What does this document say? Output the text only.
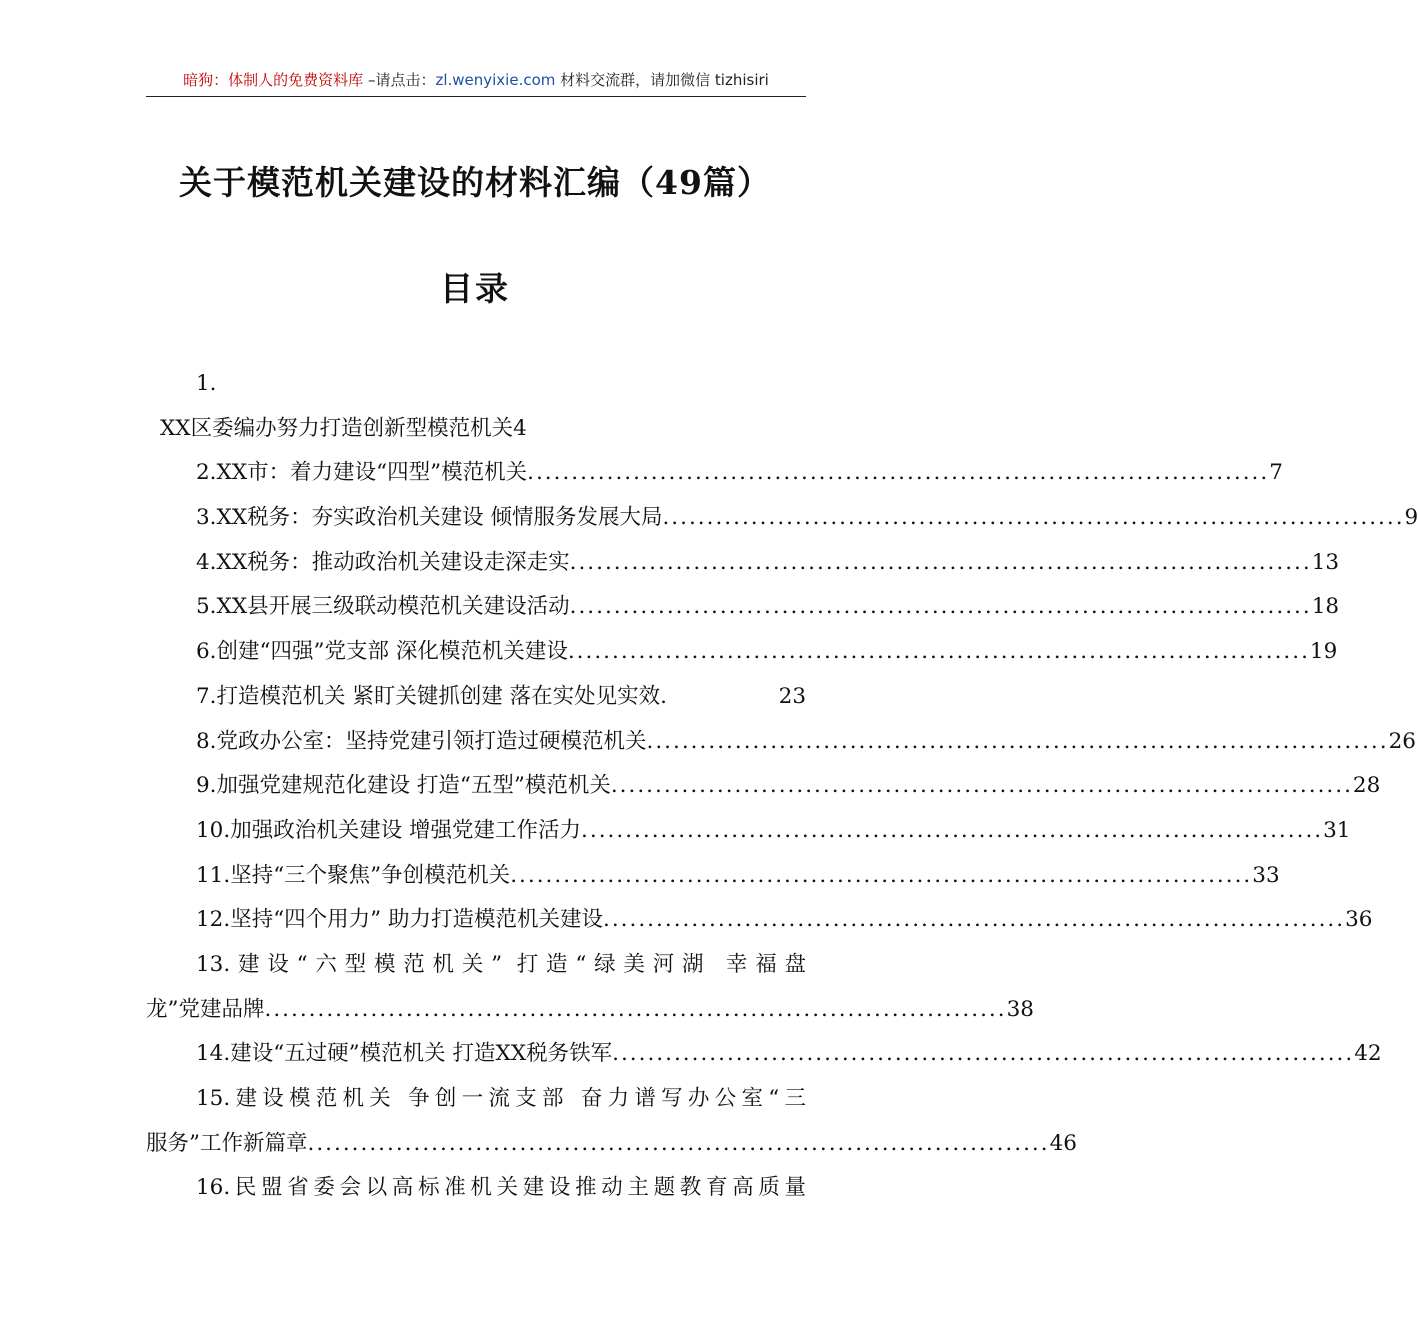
暗狗：体制人的免费资料库 –请点击：zl.wenyixie.com 材料交流群，请加微信 tizhisiri
关于模范机关建设的材料汇编（49篇）
目录
1.
XX区委编办努力打造创新型模范机关4
2.XX市：着力建设“四型”模范机关 .................................................................................... 7
3.XX税务：夯实政治机关建设 倾情服务发展大局 .................................................................................... 9
4.XX税务：推动政治机关建设走深走实 .................................................................................... 13
5.XX县开展三级联动模范机关建设活动 .................................................................................... 18
6.创建“四强”党支部 深化模范机关建设 .................................................................................... 19
7.打造模范机关 紧盯关键抓创建 落在实处见实效.	23
8.党政办公室：坚持党建引领打造过硬模范机关 .................................................................................... 26
9.加强党建规范化建设 打造“五型”模范机关 .................................................................................... 28
10.加强政治机关建设 增强党建工作活力 .................................................................................... 31
11.坚持“三个聚焦”争创模范机关 .................................................................................... 33
12.坚持“四个用力” 助力打造模范机关建设 .................................................................................... 36
13.建设“六型模范机关” 打造“绿美河湖 幸福盘
龙”党建品牌 .................................................................................... 38
14.建设“五过硬”模范机关 打造XX税务铁军 .................................................................................... 42
15.建设模范机关 争创一流支部 奋力谱写办公室“三
服务”工作新篇章 .................................................................................... 46
16.民盟省委会以高标准机关建设推动主题教育高质量
